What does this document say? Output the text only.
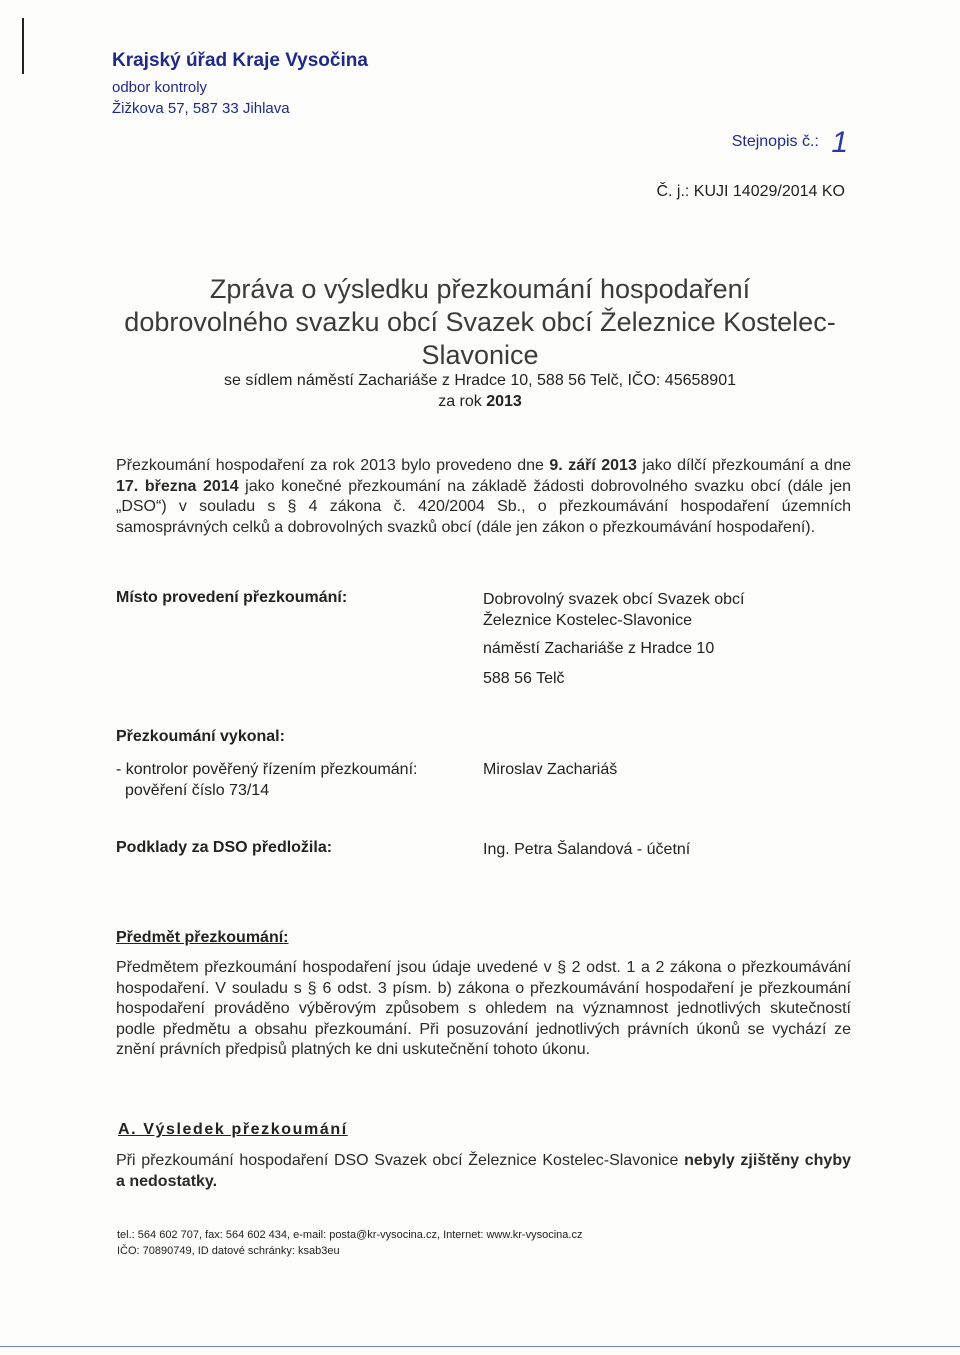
Krajský úřad Kraje Vysočina
odbor kontroly
Žižkova 57, 587 33 Jihlava
Stejnopis č.: 1
Č. j.: KUJI 14029/2014 KO
Zpráva o výsledku přezkoumání hospodaření
dobrovolného svazku obcí Svazek obcí Železnice Kostelec-
Slavonice
se sídlem náměstí Zachariáše z Hradce 10, 588 56 Telč, IČO: 45658901
za rok 2013
Přezkoumání hospodaření za rok 2013 bylo provedeno dne 9. září 2013 jako dílčí přezkoumání a dne 17. března 2014 jako konečné přezkoumání na základě žádosti dobrovolného svazku obcí (dále jen „DSO“) v souladu s § 4 zákona č. 420/2004 Sb., o přezkoumávání hospodaření územních samosprávných celků a dobrovolných svazků obcí (dále jen zákon o přezkoumávání hospodaření).
Místo provedení přezkoumání:	Dobrovolný svazek obcí Svazek obcí
Železnice Kostelec-Slavonice
náměstí Zachariáše z Hradce 10
588 56 Telč
Přezkoumání vykonal:
- kontrolor pověřený řízením přezkoumání:
pověření číslo 73/14
Miroslav Zachariáš
Podklady za DSO předložila:	Ing. Petra Šalandová - účetní
Předmět přezkoumání:
Předmětem přezkoumání hospodaření jsou údaje uvedené v § 2 odst. 1 a 2 zákona o přezkoumávání hospodaření. V souladu s § 6 odst. 3 písm. b) zákona o přezkoumávání hospodaření je přezkoumání hospodaření prováděno výběrovým způsobem s ohledem na významnost jednotlivých skutečností podle předmětu a obsahu přezkoumání. Při posuzování jednotlivých právních úkonů se vychází ze znění právních předpisů platných ke dni uskutečnění tohoto úkonu.
A. Výsledek přezkoumání
Při přezkoumání hospodaření DSO Svazek obcí Železnice Kostelec-Slavonice nebyly zjištěny chyby a nedostatky.
tel.: 564 602 707, fax: 564 602 434, e-mail: posta@kr-vysocina.cz, Internet: www.kr-vysocina.cz
IČO: 70890749, ID datové schránky: ksab3eu
